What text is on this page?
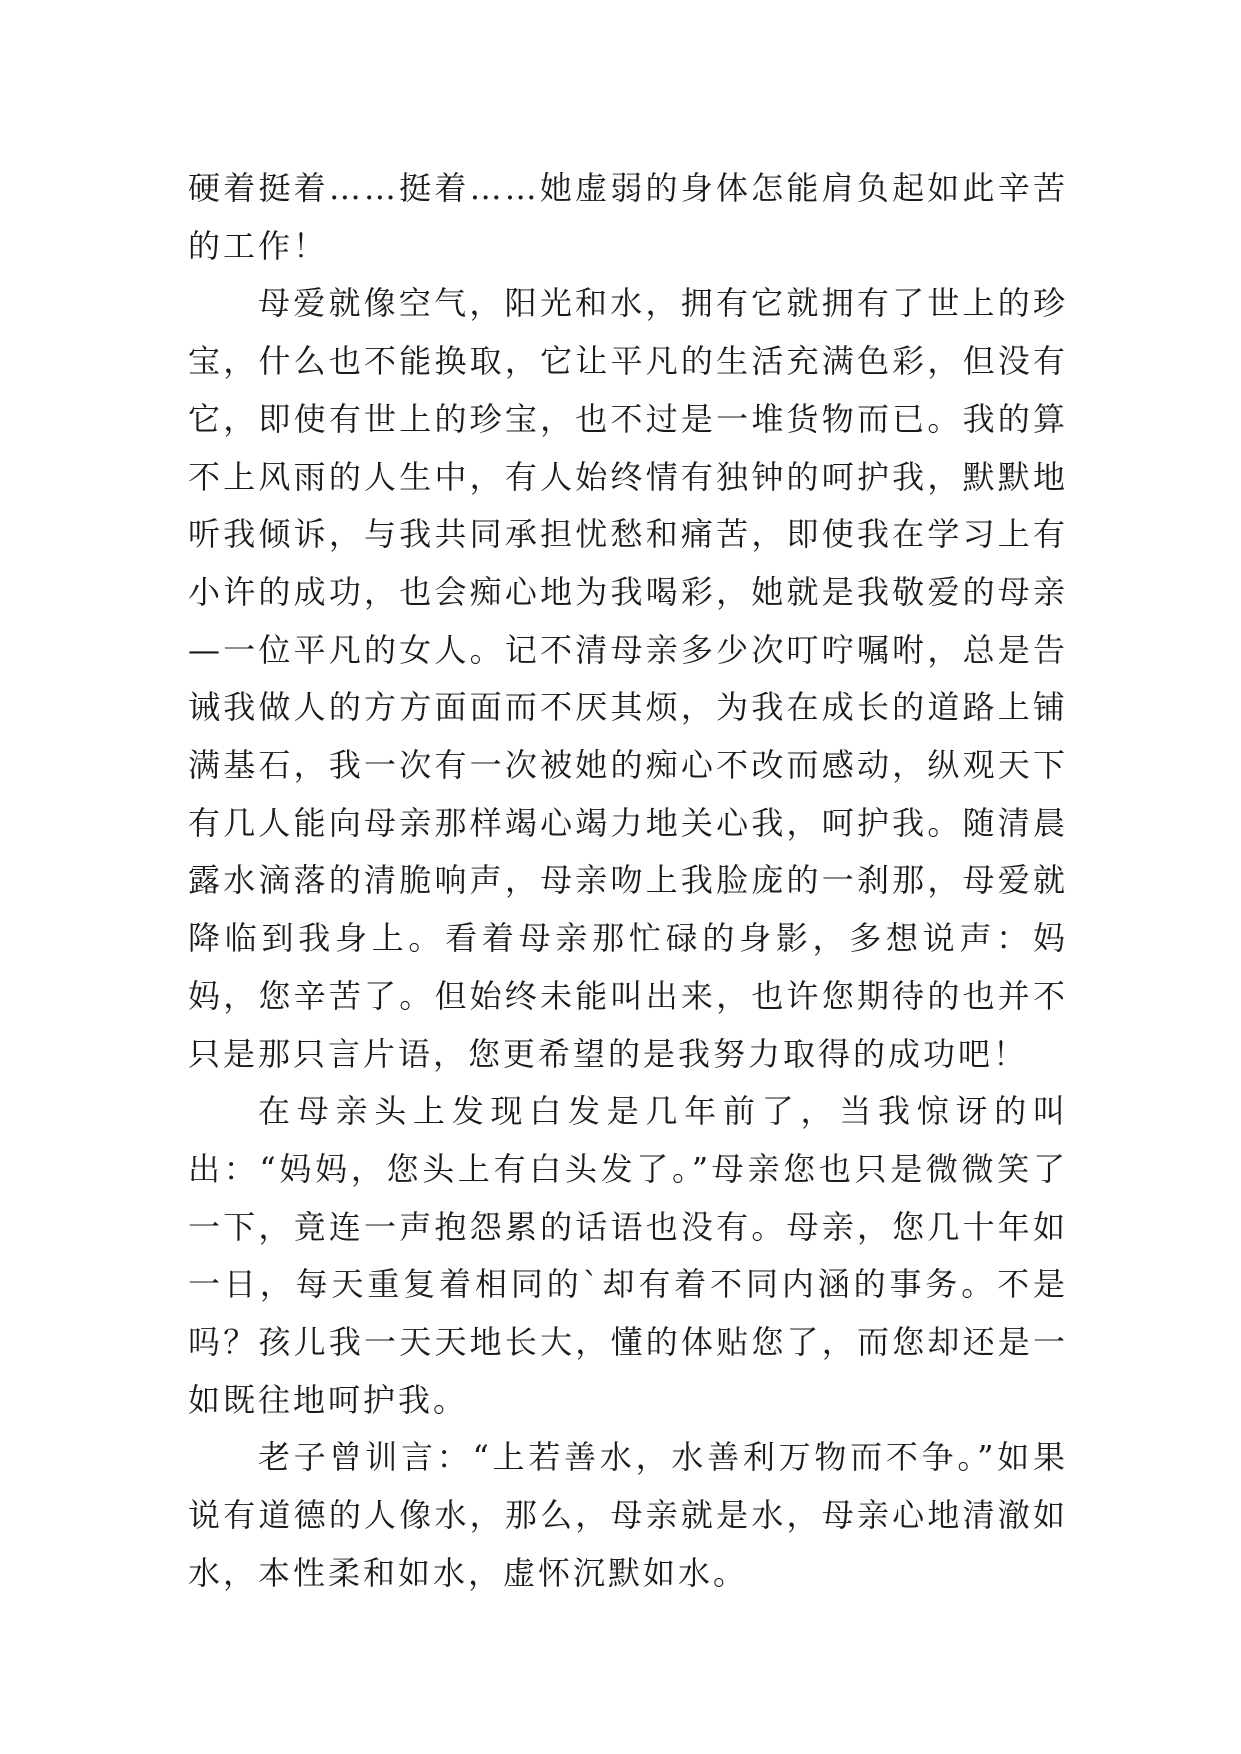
硬着挺着……挺着……她虚弱的身体怎能肩负起如此辛苦的工作！

母爱就像空气，阳光和水，拥有它就拥有了世上的珍宝，什么也不能换取，它让平凡的生活充满色彩，但没有它，即使有世上的珍宝，也不过是一堆货物而已。我的算不上风雨的人生中，有人始终情有独钟的呵护我，默默地听我倾诉，与我共同承担忧愁和痛苦，即使我在学习上有小许的成功，也会痴心地为我喝彩，她就是我敬爱的母亲—一位平凡的女人。记不清母亲多少次叮咛嘱咐，总是告诫我做人的方方面面而不厌其烦，为我在成长的道路上铺满基石，我一次有一次被她的痴心不改而感动，纵观天下有几人能向母亲那样竭心竭力地关心我，呵护我。随清晨露水滴落的清脆响声，母亲吻上我脸庞的一刹那，母爱就降临到我身上。看着母亲那忙碌的身影，多想说声：妈妈，您辛苦了。但始终未能叫出来，也许您期待的也并不只是那只言片语，您更希望的是我努力取得的成功吧！

在母亲头上发现白发是几年前了，当我惊讶的叫出：“妈妈，您头上有白头发了。”母亲您也只是微微笑了一下，竟连一声抱怨累的话语也没有。母亲，您几十年如一日，每天重复着相同的`却有着不同内涵的事务。不是吗？孩儿我一天天地长大，懂的体贴您了，而您却还是一如既往地呵护我。

老子曾训言：“上若善水，水善利万物而不争。”如果说有道德的人像水，那么，母亲就是水，母亲心地清澈如水，本性柔和如水，虚怀沉默如水。
